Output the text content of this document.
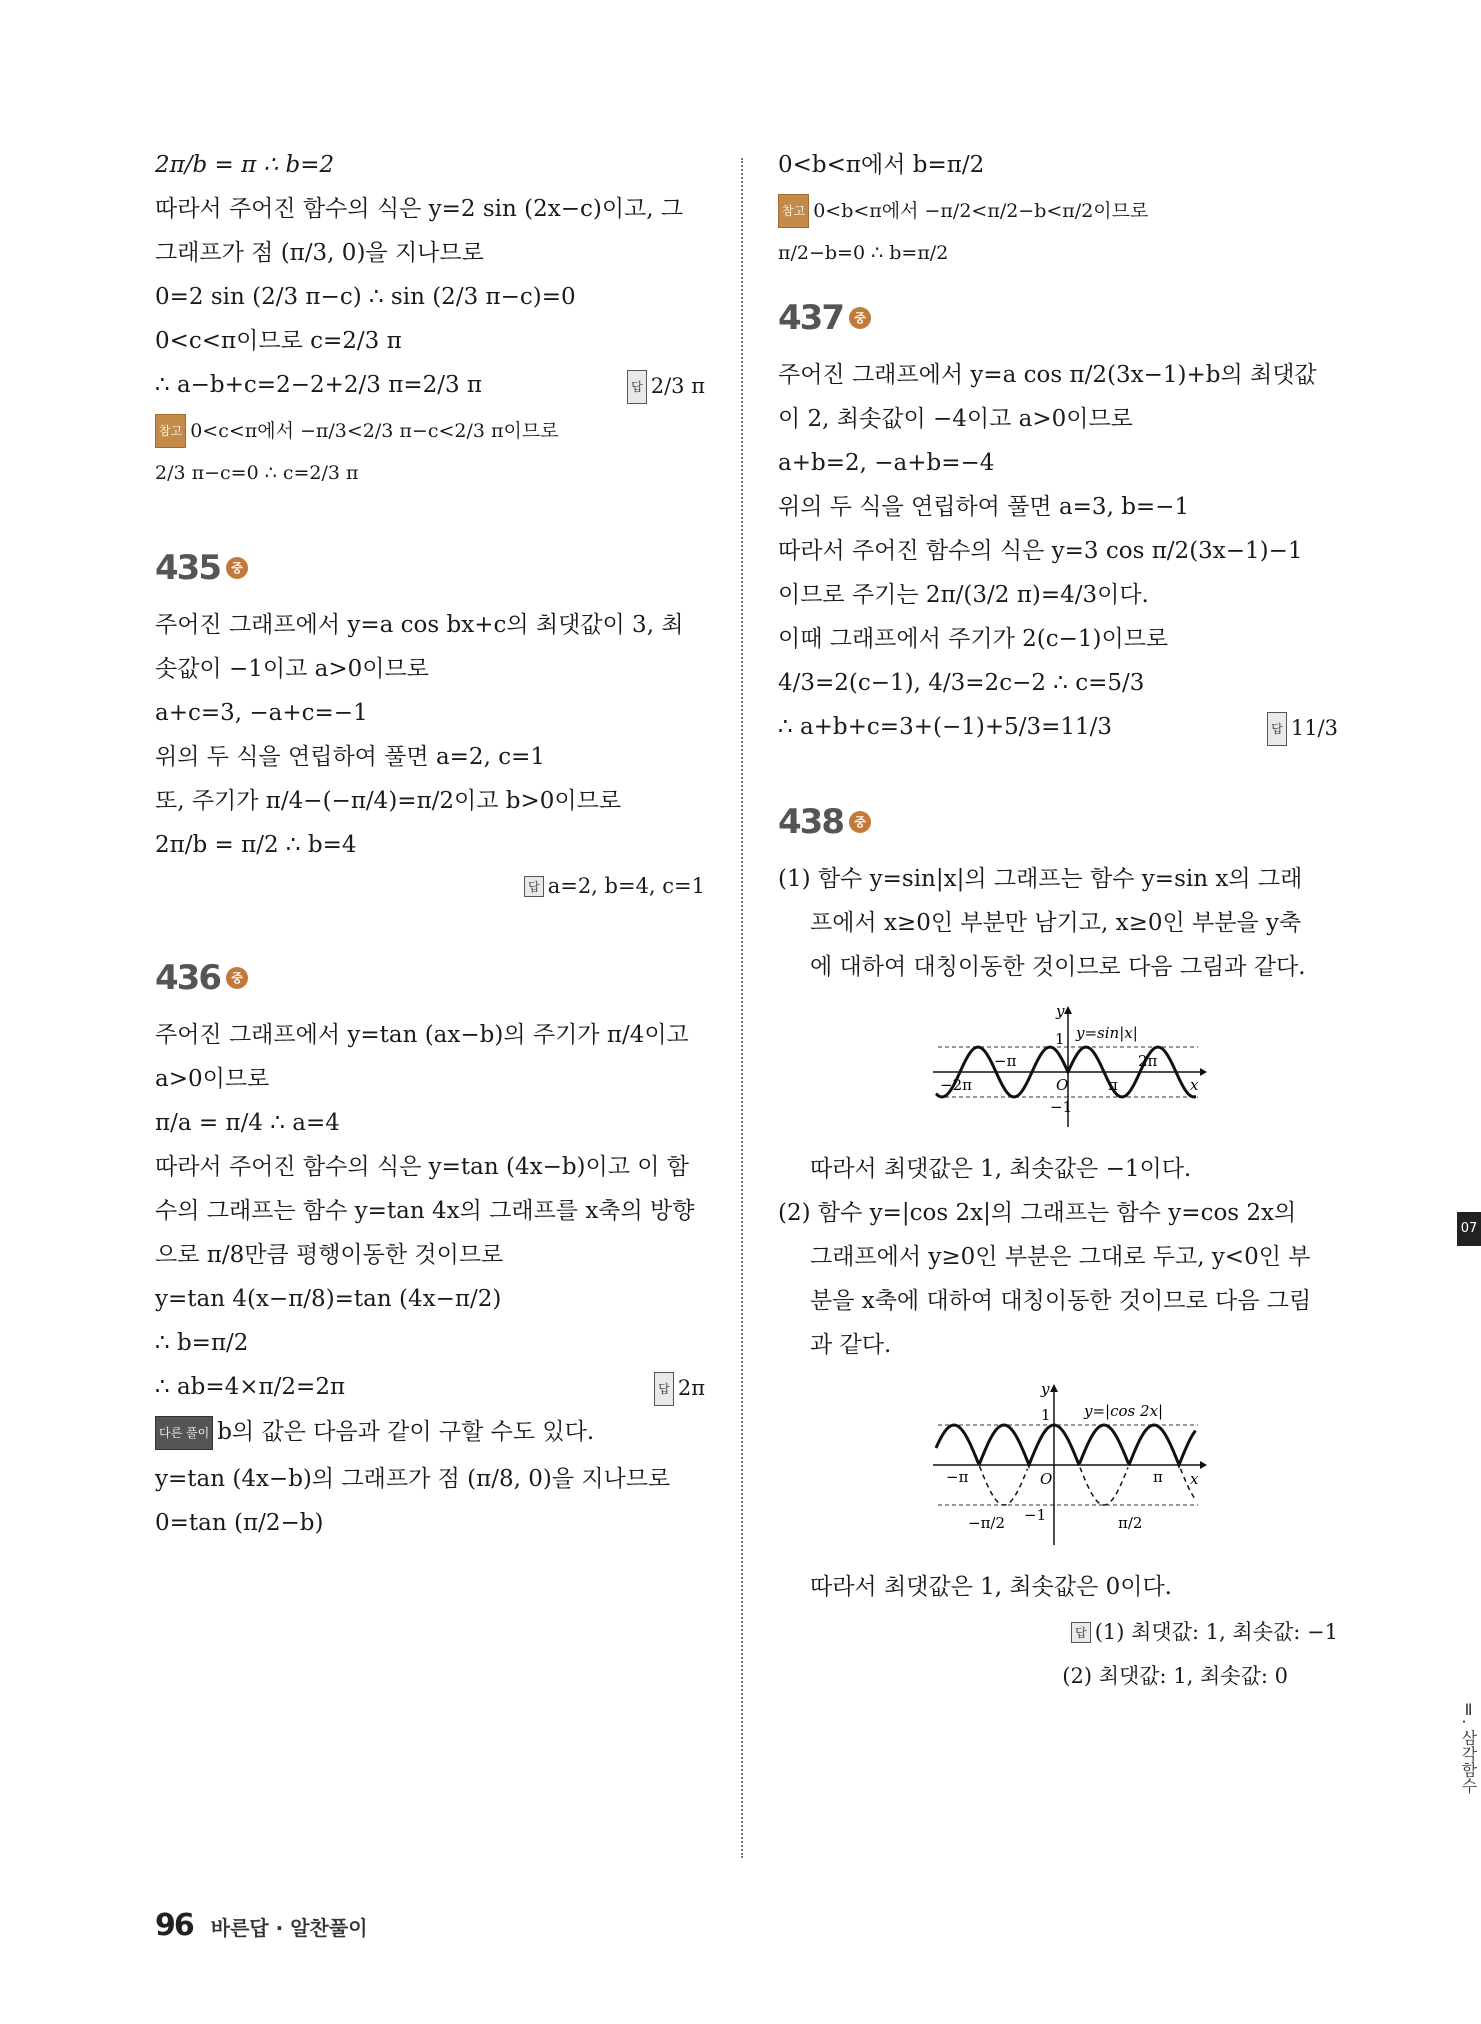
2π/b = π ∴ b=2
따라서 주어진 함수의 식은 y=2 sin (2x−c)이고, 그
그래프가 점 (π/3, 0)을 지나므로
0=2 sin (2/3 π−c) ∴ sin (2/3 π−c)=0
0<c<π이므로 c=2/3 π
∴ a−b+c=2−2+2/3 π=2/3 π	답 2/3 π
참고 0<c<π에서 −π/3<2/3 π−c<2/3 π이므로
2/3 π−c=0 ∴ c=2/3 π
435 중
주어진 그래프에서 y=a cos bx+c의 최댓값이 3, 최
솟값이 −1이고 a>0이므로
a+c=3, −a+c=−1
위의 두 식을 연립하여 풀면 a=2, c=1
또, 주기가 π/4−(−π/4)=π/2이고 b>0이므로
2π/b = π/2 ∴ b=4
답 a=2, b=4, c=1
436 중
주어진 그래프에서 y=tan (ax−b)의 주기가 π/4이고
a>0이므로
π/a = π/4 ∴ a=4
따라서 주어진 함수의 식은 y=tan (4x−b)이고 이 함
수의 그래프는 함수 y=tan 4x의 그래프를 x축의 방향
으로 π/8만큼 평행이동한 것이므로
y=tan 4(x−π/8)=tan (4x−π/2)
∴ b=π/2
∴ ab=4×π/2=2π	답 2π
다른 풀이 b의 값은 다음과 같이 구할 수도 있다.
y=tan (4x−b)의 그래프가 점 (π/8, 0)을 지나므로
0=tan (π/2−b)
0<b<π에서 b=π/2
참고 0<b<π에서 −π/2<π/2−b<π/2이므로
π/2−b=0 ∴ b=π/2
437 중
주어진 그래프에서 y=a cos π/2(3x−1)+b의 최댓값
이 2, 최솟값이 −4이고 a>0이므로
a+b=2, −a+b=−4
위의 두 식을 연립하여 풀면 a=3, b=−1
따라서 주어진 함수의 식은 y=3 cos π/2(3x−1)−1
이므로 주기는 2π/(3/2 π)=4/3이다.
이때 그래프에서 주기가 2(c−1)이므로
4/3=2(c−1), 4/3=2c−2 ∴ c=5/3
∴ a+b+c=3+(−1)+5/3=11/3	답 11/3
438 중
(1) 함수 y=sin|x|의 그래프는 함수 y=sin x의 그래
프에서 x≥0인 부분만 남기고, x≥0인 부분을 y축
에 대하여 대칭이동한 것이므로 다음 그림과 같다.
y
x
y=sin|x|
1
−1
O
−2π
−π
π
2π
따라서 최댓값은 1, 최솟값은 −1이다.
(2) 함수 y=|cos 2x|의 그래프는 함수 y=cos 2x의
그래프에서 y≥0인 부분은 그대로 두고, y<0인 부
분을 x축에 대하여 대칭이동한 것이므로 다음 그림
과 같다.
y
x
y=|cos 2x|
1
−1
O
−π	π
−π/2	π/2
따라서 최댓값은 1, 최솟값은 0이다.
답 (1) 최댓값: 1, 최솟값: −1
(2) 최댓값: 1, 최솟값: 0
96 바른답 · 알찬풀이
07
Ⅱ. 삼각함수
